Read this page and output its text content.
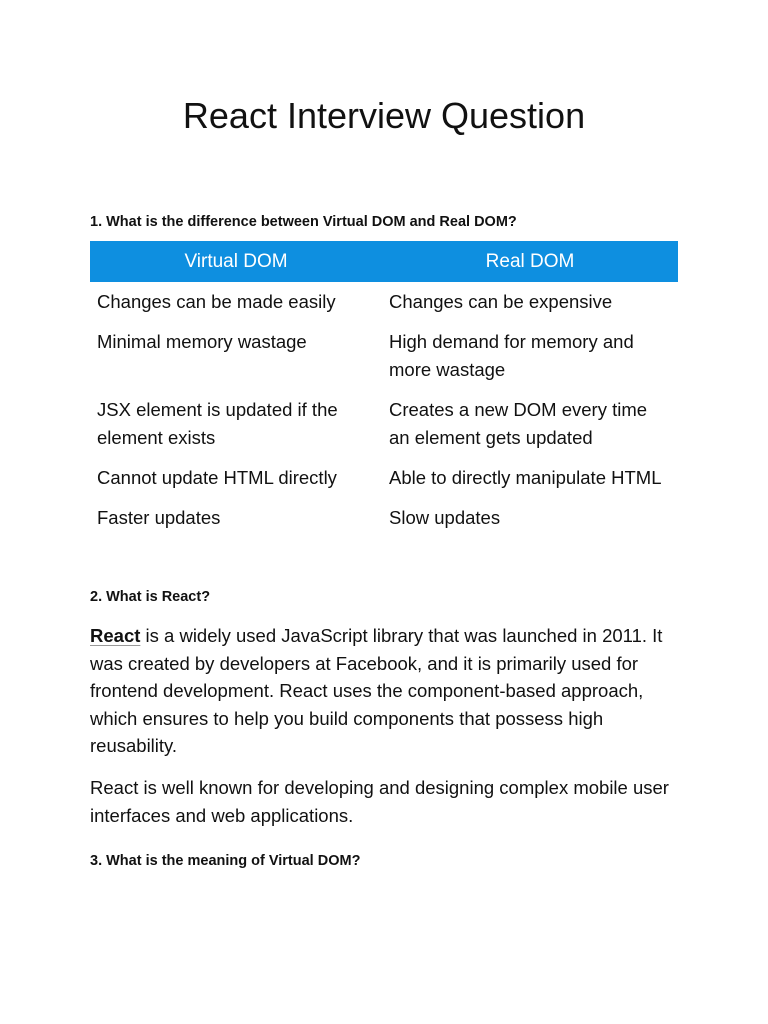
React Interview Question
1. What is the difference between Virtual DOM and Real DOM?
Virtual DOM	Real DOM
Changes can be made easily	Changes can be expensive
Minimal memory wastage	High demand for memory and more wastage
JSX element is updated if the element exists	Creates a new DOM every time an element gets updated
Cannot update HTML directly	Able to directly manipulate HTML
Faster updates	Slow updates
2. What is React?
React is a widely used JavaScript library that was launched in 2011. It was created by developers at Facebook, and it is primarily used for frontend development. React uses the component-based approach, which ensures to help you build components that possess high reusability.
React is well known for developing and designing complex mobile user interfaces and web applications.
3. What is the meaning of Virtual DOM?
